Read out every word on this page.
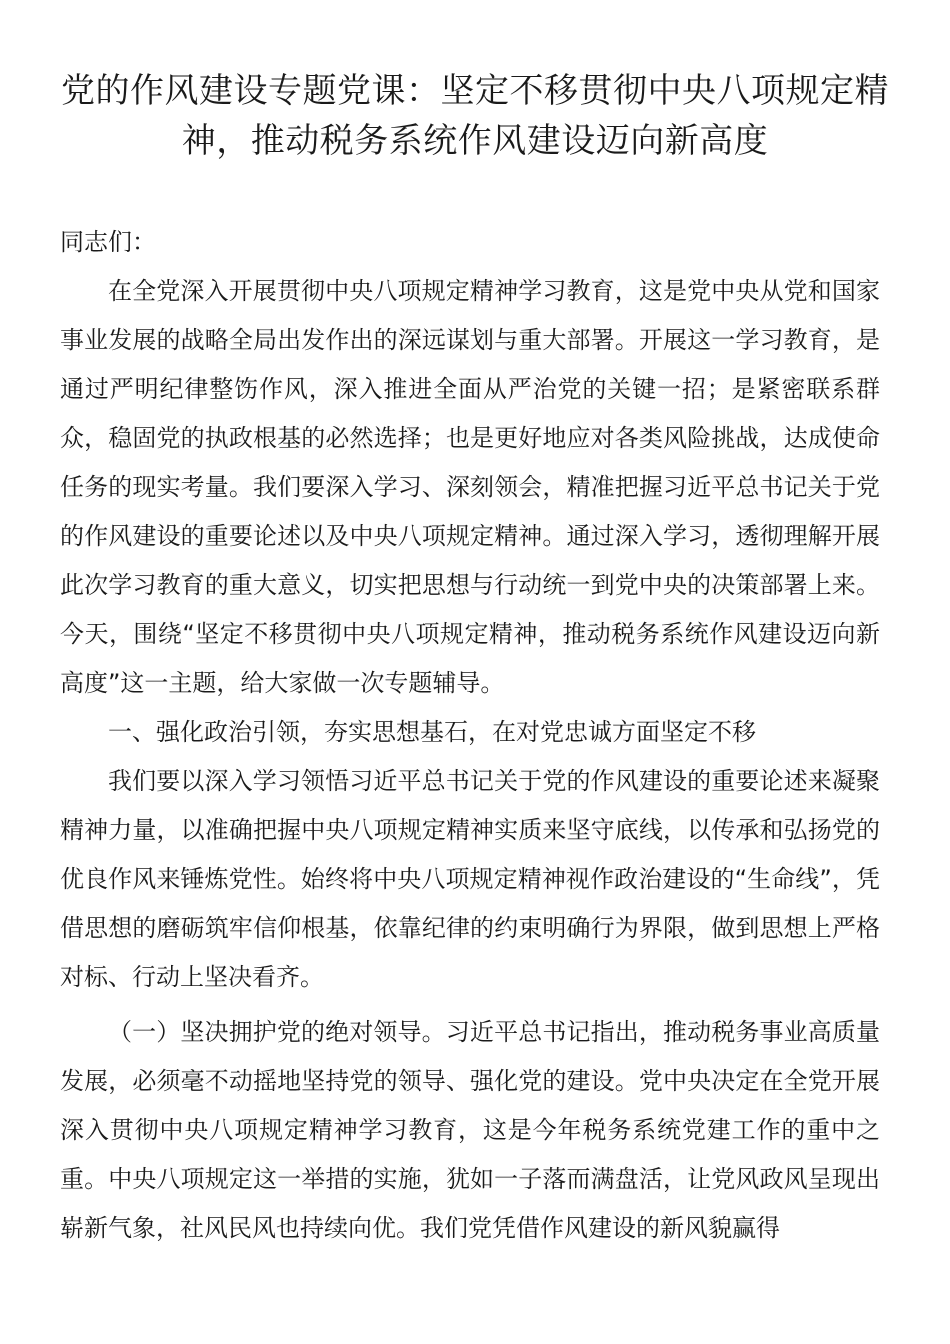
党的作风建设专题党课：坚定不移贯彻中央八项规定精神，推动税务系统作风建设迈向新高度

同志们：

在全党深入开展贯彻中央八项规定精神学习教育，这是党中央从党和国家事业发展的战略全局出发作出的深远谋划与重大部署。开展这一学习教育，是通过严明纪律整饬作风，深入推进全面从严治党的关键一招；是紧密联系群众，稳固党的执政根基的必然选择；也是更好地应对各类风险挑战，达成使命任务的现实考量。我们要深入学习、深刻领会，精准把握习近平总书记关于党的作风建设的重要论述以及中央八项规定精神。通过深入学习，透彻理解开展此次学习教育的重大意义，切实把思想与行动统一到党中央的决策部署上来。今天，围绕“坚定不移贯彻中央八项规定精神，推动税务系统作风建设迈向新高度”这一主题，给大家做一次专题辅导。

一、强化政治引领，夯实思想基石，在对党忠诚方面坚定不移

我们要以深入学习领悟习近平总书记关于党的作风建设的重要论述来凝聚精神力量，以准确把握中央八项规定精神实质来坚守底线，以传承和弘扬党的优良作风来锤炼党性。始终将中央八项规定精神视作政治建设的“生命线”，凭借思想的磨砺筑牢信仰根基，依靠纪律的约束明确行为界限，做到思想上严格对标、行动上坚决看齐。

（一）坚决拥护党的绝对领导。习近平总书记指出，推动税务事业高质量发展，必须毫不动摇地坚持党的领导、强化党的建设。党中央决定在全党开展深入贯彻中央八项规定精神学习教育，这是今年税务系统党建工作的重中之重。中央八项规定这一举措的实施，犹如一子落而满盘活，让党风政风呈现出崭新气象，社风民风也持续向优。我们党凭借作风建设的新风貌赢得
